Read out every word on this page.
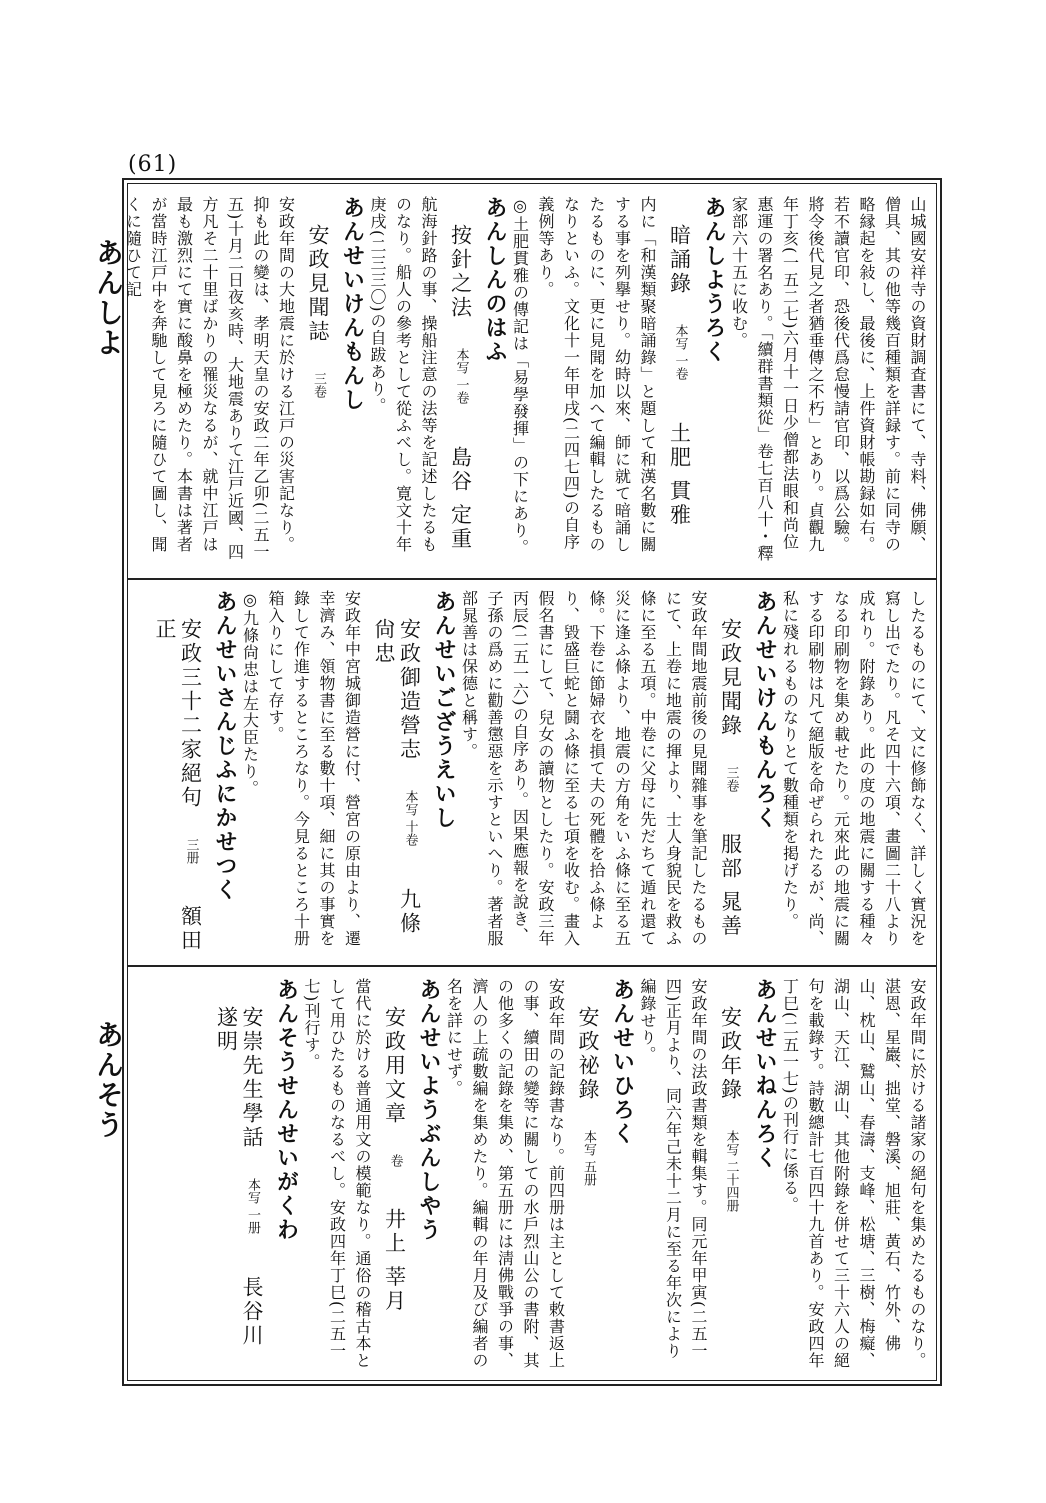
(61)
あんしよ
あんそう
山城國安祥寺の資財調査書にて、寺料、佛願、僧具、其の他等幾百種類を詳録す。前に同寺の略縁起を敍し、最後に、上件資財帳勘録如右。若不讀官印、恐後代爲怠慢請官印、以爲公驗。將令後代見之者猶垂傳之不朽」とあり。貞觀九年丁亥(一五二七)六月十一日少僧都法眼和尚位惠運の署名あり。「續群書類從」卷七百八十・釋家部六十五に收む。
あんしようろく
暗誦錄 本写 一卷 土肥 貫雅
内に「和漢類聚暗誦錄」と題して和漢名數に關する事を列擧せり。幼時以來、師に就て暗誦したるものに、更に見聞を加へて編輯したるものなりといふ。文化十一年甲戌(二四七四)の自序義例等あり。
◎土肥貫雅の傳記は「易學發揮」の下にあり。
あんしんのはふ
按針之法 本写 一卷 島谷 定重
航海針路の事、操船注意の法等を記述したるものなり。船人の參考として從ふべし。寛文十年庚戌(二三三〇)の自跋あり。
あんせいけんもんし
安政見聞誌 三卷
安政年間の大地震に於ける江戸の災害記なり。抑も此の變は、孝明天皇の安政二年乙卯(二五一五)十月二日夜亥時、大地震ありて江戸近國、四方凡そ二十里ばかりの罹災なるが、就中江戸は最も激烈にて實に酸鼻を極めたり。本書は著者が當時江戸中を奔馳して見ろに隨ひて圖し、聞くに隨ひて記
したるものにて、文に修飾なく、詳しく實況を寫し出でたり。凡そ四十六項、畫圖二十八より成れり。附錄あり。此の度の地震に關する種々なる印刷物を集め載せたり。元來此の地震に關する印刷物は凡て絕版を命ぜられたるが、尚、私に殘れるものなりとて數種類を掲げたり。
あんせいけんもんろく
安政見聞錄 三卷 服部 晁善
安政年間地震前後の見聞雜事を筆記したるものにて、上卷に地震の揮より、士人身貌民を救ふ條に至る五項。中卷に父母に先だちて遁れ還て災に逢ふ條より、地震の方角をいふ條に至る五條。下卷に節婦衣を損て夫の死體を拾ふ條より、毀盛巨蛇と鬪ふ條に至る七項を收む。畫入假名書にして、兒女の讀物としたり。安政三年丙辰(二五一六)の自序あり。因果應報を說き、子孫の爲めに勸善懲惡を示すといへり。著者服部晁善は保德と稱す。
あんせいござうえいし
安政御造營志 本写 十卷 九條 尙忠
安政年中宮城御造營に付、營宮の原由より、遷幸濟み、領物書に至る數十項、細に其の事實を錄して作進するところなり。今見るところ十册箱入りにして存す。
◎九條尙忠は左大臣たり。
あんせいさんじふにかせつく
安政三十二家絕句 三册 額田 正
安政年間に於ける諸家の絕句を集めたるものなり。湛恩、星巖、拙堂、磐溪、旭莊、黃石、竹外、佛山、枕山、鷲山、春濤、支峰、松塘、三樹、梅癡、湖山、天江、湖山、其他附錄を併せて三十六人の絕句を載錄す。詩數總計七百四十九首あり。安政四年丁巳(二五一七)の刊行に係る。
あんせいねんろく
安政年錄 本写 二十四册
安政年間の法政書類を輯集す。同元年甲寅(二五一四)正月より、同六年己未十二月に至る年次により編錄せり。
あんせいひろく
安政祕錄 本写 五册
安政年間の記錄書なり。前四册は主として敕書返上の事、續田の變等に關しての水戶烈山公の書附、其の他多くの記錄を集め、第五册には淸佛戰爭の事、濟人の上疏數編を集めたり。編輯の年月及び編者の名を詳にせず。
あんせいようぶんしやう
安政用文章 卷 井上 莘月
當代に於ける普通用文の模範なり。通俗の稽古本として用ひたるものなるべし。安政四年丁巳(二五一七)刊行す。
あんそうせんせいがくわ
安崇先生學話 本写 一册 長谷川 遂明
